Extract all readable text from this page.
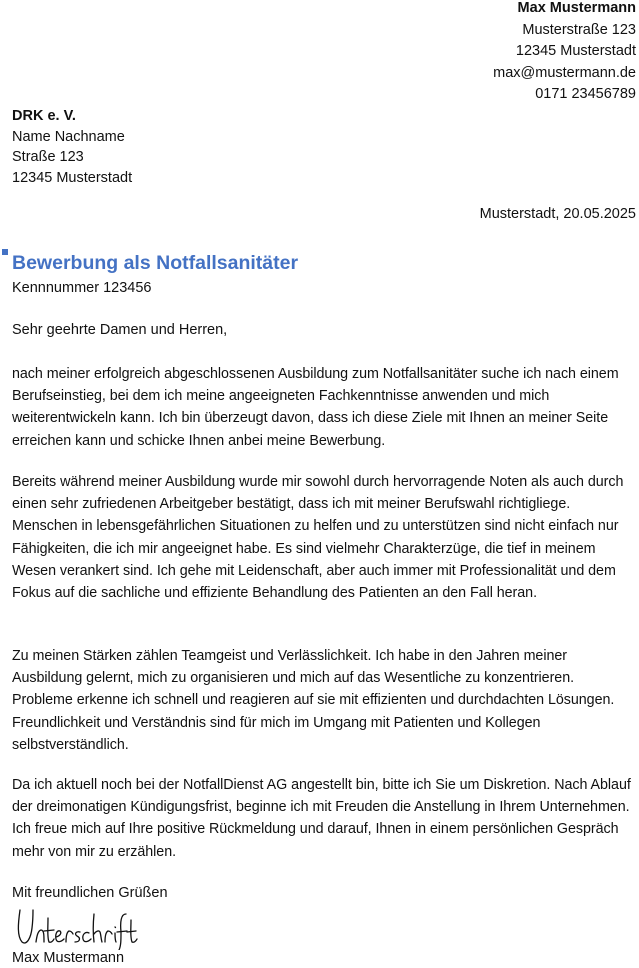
Max Mustermann
Musterstraße 123
12345 Musterstadt
max@mustermann.de
0171 23456789
DRK e. V.
Name Nachname
Straße 123
12345 Musterstadt
Musterstadt, 20.05.2025
Bewerbung als Notfallsanitäter
Kennnummer 123456
Sehr geehrte Damen und Herren,

nach meiner erfolgreich abgeschlossenen Ausbildung zum Notfallsanitäter suche ich nach einem Berufseinstieg, bei dem ich meine angeeigneten Fachkenntnisse anwenden und mich weiterentwickeln kann. Ich bin überzeugt davon, dass ich diese Ziele mit Ihnen an meiner Seite erreichen kann und schicke Ihnen anbei meine Bewerbung.

Bereits während meiner Ausbildung wurde mir sowohl durch hervorragende Noten als auch durch einen sehr zufriedenen Arbeitgeber bestätigt, dass ich mit meiner Berufswahl richtigliege. Menschen in lebensgefährlichen Situationen zu helfen und zu unterstützen sind nicht einfach nur Fähigkeiten, die ich mir angeeignet habe. Es sind vielmehr Charakterzüge, die tief in meinem Wesen verankert sind. Ich gehe mit Leidenschaft, aber auch immer mit Professionalität und dem Fokus auf die sachliche und effiziente Behandlung des Patienten an den Fall heran.

Zu meinen Stärken zählen Teamgeist und Verlässlichkeit. Ich habe in den Jahren meiner Ausbildung gelernt, mich zu organisieren und mich auf das Wesentliche zu konzentrieren. Probleme erkenne ich schnell und reagieren auf sie mit effizienten und durchdachten Lösungen. Freundlichkeit und Verständnis sind für mich im Umgang mit Patienten und Kollegen selbstverständlich.

Da ich aktuell noch bei der NotfallDienst AG angestellt bin, bitte ich Sie um Diskretion. Nach Ablauf der dreimonatigen Kündigungsfrist, beginne ich mit Freuden die Anstellung in Ihrem Unternehmen. Ich freue mich auf Ihre positive Rückmeldung und darauf, Ihnen in einem persönlichen Gespräch mehr von mir zu erzählen.

Mit freundlichen Grüßen
Max Mustermann
